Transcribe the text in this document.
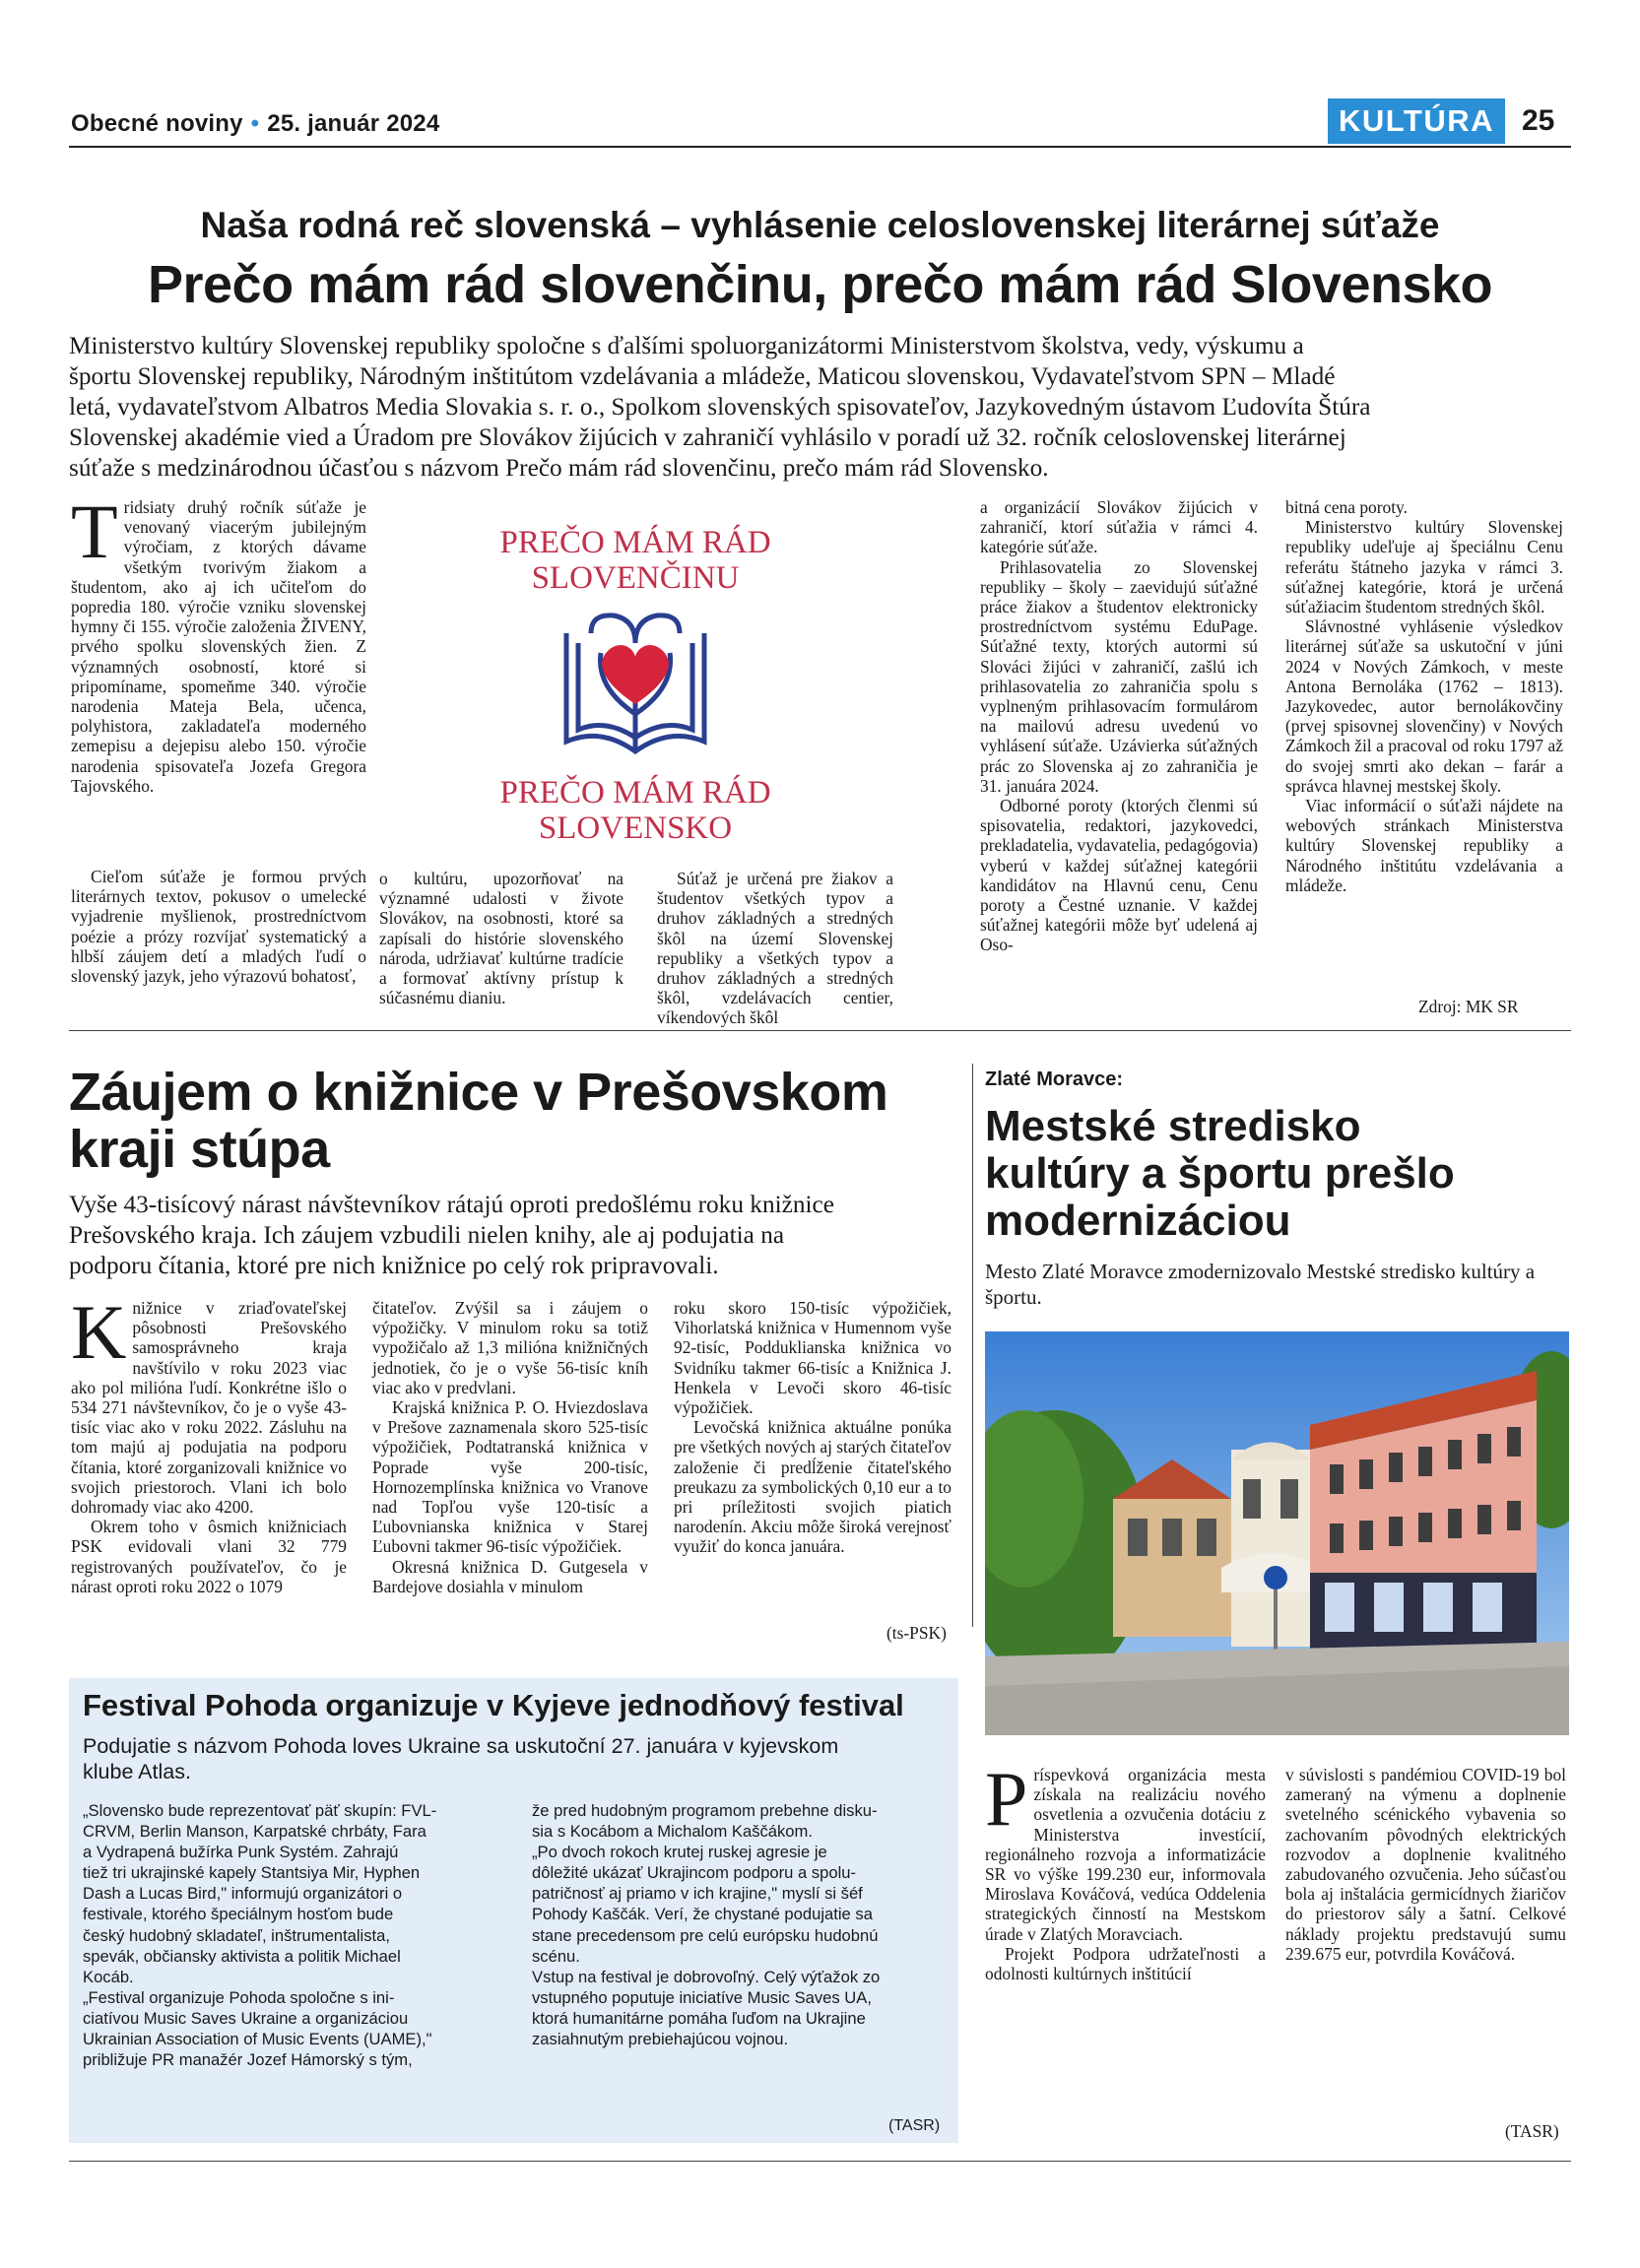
Obecné noviny • 25. január 2024	KULTÚRA 25
Naša rodná reč slovenská – vyhlásenie celoslovenskej literárnej súťaže
Prečo mám rád slovenčinu, prečo mám rád Slovensko
Ministerstvo kultúry Slovenskej republiky spoločne s ďalšími spoluorganizátormi Ministerstvom školstva, vedy, výskumu a
športu Slovenskej republiky, Národným inštitútom vzdelávania a mládeže, Maticou slovenskou, Vydavateľstvom SPN – Mladé
letá, vydavateľstvom Albatros Media Slovakia s. r. o., Spolkom slovenských spisovateľov, Jazykovedným ústavom Ľudovíta Štúra
Slovenskej akadémie vied a Úradom pre Slovákov žijúcich v zahraničí vyhlásilo v poradí už 32. ročník celoslovenskej literárnej
súťaže s medzinárodnou účasťou s názvom Prečo mám rád slovenčinu, prečo mám rád Slovensko.

Tridsiaty druhý ročník súťaže je venovaný viacerým jubilejným výročiam, z ktorých dávame všetkým tvorivým žiakom a študentom, ako aj ich učiteľom do popredia 180. výročie vzniku slovenskej hymny či 155. výročie založenia ŽIVENY, prvého spolku slovenských žien. Z významných osobností, ktoré si pripomíname, spomeňme 340. výročie narodenia Mateja Bela, učenca, polyhistora, zakladateľa moderného zemepisu a dejepisu alebo 150. výročie narodenia spisovateľa Jozefa Gregora Tajovského.

Cieľom súťaže je formou prvých literárnych textov, pokusov o umelecké vyjadrenie myšlienok, prostredníctvom poézie a prózy rozvíjať systematický a hlbší záujem detí a mladých ľudí o slovenský jazyk, jeho výrazovú bohatosť,

PREČO MÁM RÁD
SLOVENČINU
PREČO MÁM RÁD
SLOVENSKO

o kultúru, upozorňovať na významné udalosti v živote Slovákov, na osobnosti, ktoré sa zapísali do histórie slovenského národa, udržiavať kultúrne tradície a formovať aktívny prístup k súčasnému dianiu.

Súťaž je určená pre žiakov a študentov všetkých typov a druhov základných a stredných škôl na území Slovenskej republiky a všetkých typov a druhov základných a stredných škôl, vzdelávacích centier, víkendových škôl

a organizácií Slovákov žijúcich v zahraničí, ktorí súťažia v rámci 4. kategórie súťaže.

Prihlasovatelia zo Slovenskej republiky – školy – zaevidujú súťažné práce žiakov a študentov elektronicky prostredníctvom systému EduPage. Súťažné texty, ktorých autormi sú Slováci žijúci v zahraničí, zašlú ich prihlasovatelia zo zahraničia spolu s vyplneným prihlasovacím formulárom na mailovú adresu uvedenú vo vyhlásení súťaže. Uzávierka súťažných prác zo Slovenska aj zo zahraničia je 31. januára 2024.

Odborné poroty (ktorých členmi sú spisovatelia, redaktori, jazykovedci, prekladatelia, vydavatelia, pedagógovia) vyberú v každej súťažnej kategórii kandidátov na Hlavnú cenu, Cenu poroty a Čestné uznanie. V každej súťažnej kategórii môže byť udelená aj Oso-

bitná cena poroty.

Ministerstvo kultúry Slovenskej republiky udeľuje aj špeciálnu Cenu referátu štátneho jazyka v rámci 3. súťažnej kategórie, ktorá je určená súťažiacim študentom stredných škôl.

Slávnostné vyhlásenie výsledkov literárnej súťaže sa uskutoční v júni 2024 v Nových Zámkoch, v meste Antona Bernoláka (1762 – 1813). Jazykovedec, autor bernolákovčiny (prvej spisovnej slovenčiny) v Nových Zámkoch žil a pracoval od roku 1797 až do svojej smrti ako dekan – farár a správca hlavnej mestskej školy.

Viac informácií o súťaži nájdete na webových stránkach Ministerstva kultúry Slovenskej republiky a Národného inštitútu vzdelávania a mládeže.

Zdroj: MK SR
Záujem o knižnice v Prešovskom
kraji stúpa
Vyše 43-tisícový nárast návštevníkov rátajú oproti predošlému roku knižnice
Prešovského kraja. Ich záujem vzbudili nielen knihy, ale aj podujatia na
podporu čítania, ktoré pre nich knižnice po celý rok pripravovali.

Knižnice v zriaďovateľskej pôsobnosti Prešovského samosprávneho kraja navštívilo v roku 2023 viac ako pol milióna ľudí. Konkrétne išlo o 534 271 návštevníkov, čo je o vyše 43-tisíc viac ako v roku 2022. Zásluhu na tom majú aj podujatia na podporu čítania, ktoré zorganizovali knižnice vo svojich priestoroch. Vlani ich bolo dohromady viac ako 4200.

Okrem toho v ôsmich knižniciach PSK evidovali vlani 32 779 registrovaných používateľov, čo je nárast oproti roku 2022 o 1079

čitateľov. Zvýšil sa i záujem o výpožičky. V minulom roku sa totiž vypožičalo až 1,3 milióna knižničných jednotiek, čo je o vyše 56-tisíc kníh viac ako v predvlani.

Krajská knižnica P. O. Hviezdoslava v Prešove zaznamenala skoro 525-tisíc výpožičiek, Podtatranská knižnica v Poprade vyše 200-tisíc, Hornozemplínska knižnica vo Vranove nad Topľou vyše 120-tisíc a Ľubovnianska knižnica v Starej Ľubovni takmer 96-tisíc výpožičiek.

Okresná knižnica D. Gutgesela v Bardejove dosiahla v minulom

roku skoro 150-tisíc výpožičiek, Vihorlatská knižnica v Humennom vyše 92-tisíc, Podduklianska knižnica vo Svidníku takmer 66-tisíc a Knižnica J. Henkela v Levoči skoro 46-tisíc výpožičiek.

Levočská knižnica aktuálne ponúka pre všetkých nových aj starých čitateľov založenie či predĺženie čitateľského preukazu za symbolických 0,10 eur a to pri príležitosti svojich piatich narodenín. Akciu môže široká verejnosť využiť do konca januára.

(ts-PSK)
Festival Pohoda organizuje v Kyjeve jednodňový festival
Podujatie s názvom Pohoda loves Ukraine sa uskutoční 27. januára v kyjevskom
klube Atlas.
„Slovensko bude reprezentovať päť skupín: FVL-
CRVM, Berlin Manson, Karpatské chrbáty, Fara
a Vydrapená bužírka Punk Systém. Zahrajú
tiež tri ukrajinské kapely Stantsiya Mir, Hyphen
Dash a Lucas Bird," informujú organizátori o
festivale, ktorého špeciálnym hosťom bude
český hudobný skladateľ, inštrumentalista,
spevák, občiansky aktivista a politik Michael
Kocáb.
„Festival organizuje Pohoda spoločne s ini-
ciatívou Music Saves Ukraine a organizáciou
Ukrainian Association of Music Events (UAME),"
približuje PR manažér Jozef Hámorský s tým,
že pred hudobným programom prebehne disku-
sia s Kocábom a Michalom Kaščákom.
„Po dvoch rokoch krutej ruskej agresie je
dôležité ukázať Ukrajincom podporu a spolu-
patričnosť aj priamo v ich krajine," myslí si šéf
Pohody Kaščák. Verí, že chystané podujatie sa
stane precedensom pre celú európsku hudobnú
scénu.
Vstup na festival je dobrovoľný. Celý výťažok zo
vstupného poputuje iniciatíve Music Saves UA,
ktorá humanitárne pomáha ľuďom na Ukrajine
zasiahnutým prebiehajúcou vojnou.
(TASR)
Zlaté Moravce:
Mestské stredisko
kultúry a športu prešlo
modernizáciou
Mesto Zlaté Moravce zmodernizovalo Mestské stredisko kultúry a športu.

Príspevková organizácia mesta získala na realizáciu nového osvetlenia a ozvučenia dotáciu z Ministerstva investícií, regionálneho rozvoja a informatizácie SR vo výške 199.230 eur, informovala Miroslava Kováčová, vedúca Oddelenia strategických činností na Mestskom úrade v Zlatých Moravciach.

Projekt Podpora udržateľnosti a odolnosti kultúrnych inštitúcií

v súvislosti s pandémiou COVID-19 bol zameraný na výmenu a doplnenie svetelného scénického vybavenia so zachovaním pôvodných elektrických rozvodov a doplnenie kvalitného zabudovaného ozvučenia. Jeho súčasťou bola aj inštalácia germicídnych žiaričov do priestorov sály a šatní. Celkové náklady projektu predstavujú sumu 239.675 eur, potvrdila Kováčová.

(TASR)
